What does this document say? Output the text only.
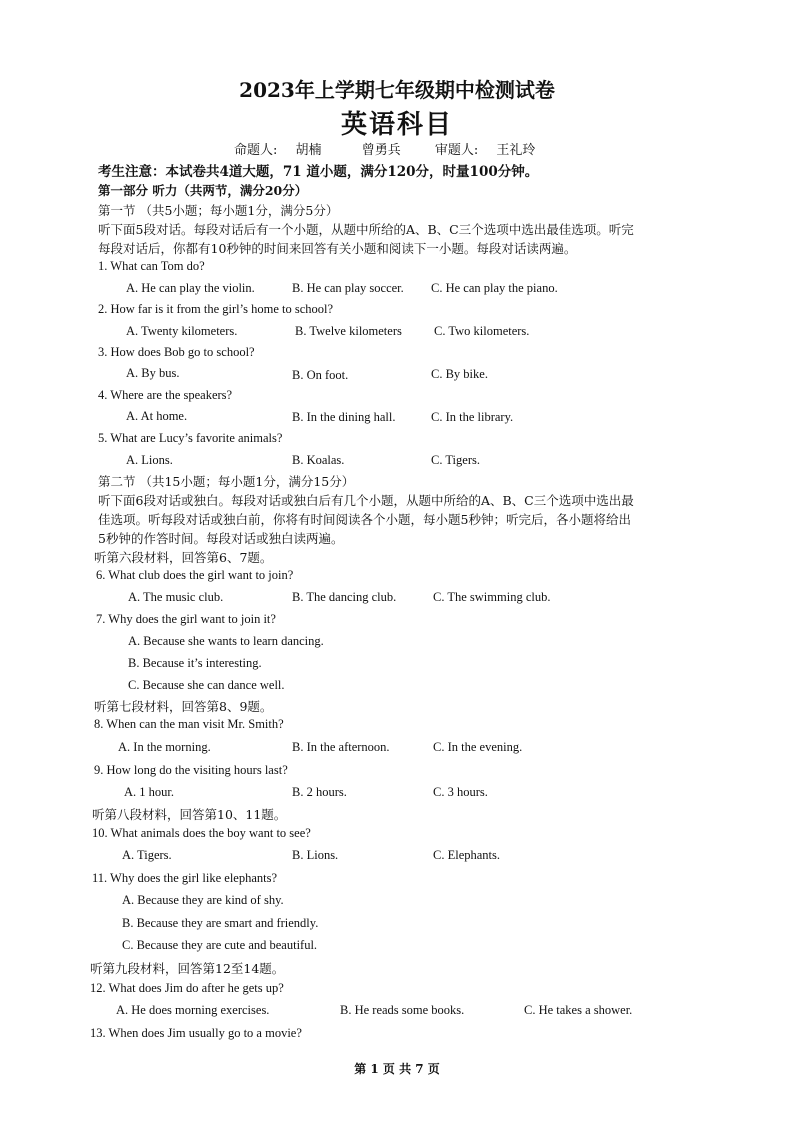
2023年上学期七年级期中检测试卷
英语科目
命题人: 胡楠	曾勇兵	审题人: 王礼玲
考生注意：本试卷共4道大题，71 道小题，满分120分，时量100分钟。
第一部分 听力（共两节，满分20分）
第一节 （共5小题；每小题1分，满分5分）
听下面5段对话。每段对话后有一个小题，从题中所给的A、B、C三个选项中选出最佳选项。听完
每段对话后，你都有10秒钟的时间来回答有关小题和阅读下一小题。每段对话读两遍。
1. What can Tom do?
A. He can play the violin.	B. He can play soccer. C. He can play the piano.
2. How far is it from the girl’s home to school?
A. Twenty kilometers.	B. Twelve kilometers	C. Two kilometers.
3. How does Bob go to school?
A. By bus.	B. On foot.	C. By bike.
4. Where are the speakers?
A. At home.	B. In the dining hall.	C. In the library.
5. What are Lucy’s favorite animals?
A. Lions.	B. Koalas.	C. Tigers.
第二节 （共15小题；每小题1分，满分15分）
听下面6段对话或独白。每段对话或独白后有几个小题，从题中所给的A、B、C三个选项中选出最
佳选项。听每段对话或独白前，你将有时间阅读各个小题，每小题5秒钟；听完后，各小题将给出
5秒钟的作答时间。每段对话或独白读两遍。
听第六段材料，回答第6、7题。
6. What club does the girl want to join?
A. The music club.	B. The dancing club.	C. The swimming club.
7. Why does the girl want to join it?
A. Because she wants to learn dancing.
B. Because it’s interesting.
C. Because she can dance well.
听第七段材料，回答第8、9题。
8. When can the man visit Mr. Smith?
A. In the morning.	B. In the afternoon.	C. In the evening.
9. How long do the visiting hours last?
A. 1 hour.	B. 2 hours.	C. 3 hours.
听第八段材料，回答第10、11题。
10. What animals does the boy want to see?
A. Tigers.	B. Lions.	C. Elephants.
11. Why does the girl like elephants?
A. Because they are kind of shy.
B. Because they are smart and friendly.
C. Because they are cute and beautiful.
听第九段材料，回答第12至14题。
12. What does Jim do after he gets up?
A. He does morning exercises.	B. He reads some books.	C. He takes a shower.
13. When does Jim usually go to a movie?
第 1 页 共 7 页
